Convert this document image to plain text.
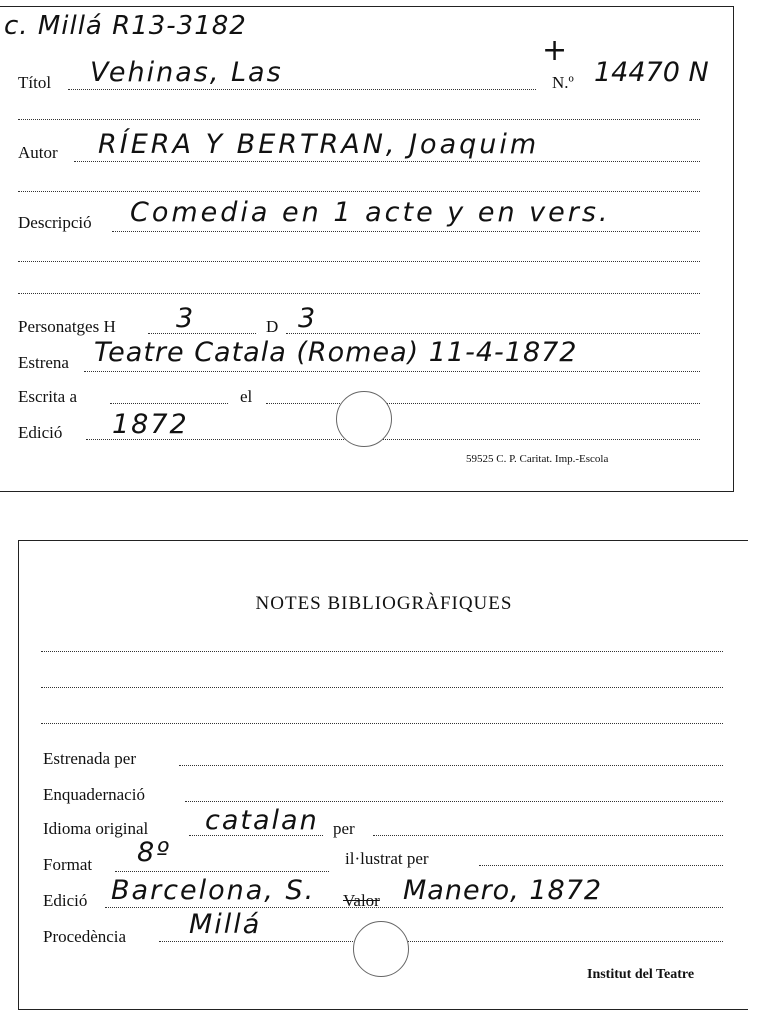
c. Millá R13-3182
+
Títol Vehinas, Las	N.º 14470 N
Autor RÍERA Y BERTRAN, Joaquim
Descripció Comedia en 1 acte y en vers.
Personatges H 3	D 3
Estrena Teatre Catala (Romea) 11-4-1872
Escrita a	el
Edició 1872
59525 C. P. Caritat. Imp.-Escola
NOTES BIBLIOGRÀFIQUES
Estrenada per
Enquadernació
Idioma original catalan per
Format 8º	il·lustrat per
Edició Barcelona, S. Valor Manero, 1872
Procedència Millá
Institut del Teatre
